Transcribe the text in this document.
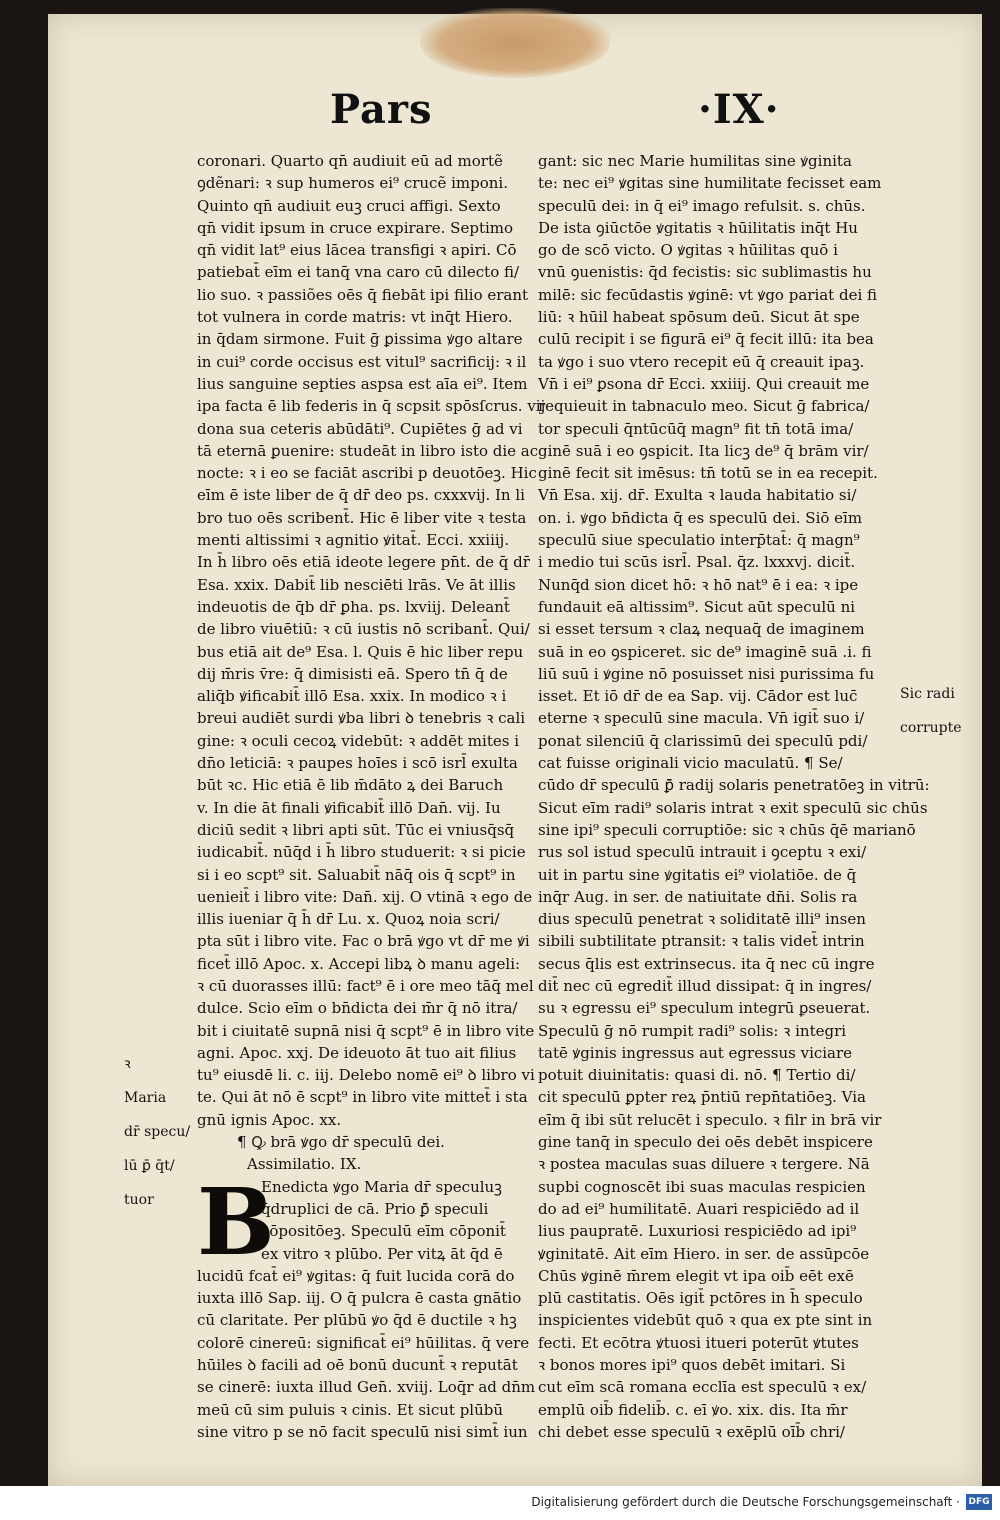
Pars	·IX·

coronari. Quarto qn̄ audiuit eū ad mortẽ

ꝯdẽnari: ꝛ sup humeros ei⁹ crucẽ imponi.

Quinto qn̄ audiuit euꝫ cruci affigi. Sexto

qn̄ vidit ipsum in cruce expirare. Septimo

qn̄ vidit lat⁹ eius lācea transfigi ꝛ apiri. Cō

patiebat̄ eīm ei tanq̄ vna caro cū dilecto fi/

lio suo. ꝛ passiões oēs q̄ fiebāt ipi filio erant

tot vulnera in corde matris: vt inq̄t Hiero.

in q̄dam sirmone. Fuit ḡ ꝑissima ꝟgo altare

in cui⁹ corde occisus est vitul⁹ sacrificij: ꝛ il

lius sanguine septies aspsa est aīa ei⁹. Item

ipa facta ē lib federis in q̄ scpsit spōsſcrus. vij

dona sua ceteris abūdāti⁹. Cupiētes ḡ ad vi

tā eternā ꝑuenire: studeāt in libro isto die ac

nocte: ꝛ i eo se faciāt ascribi p deuotōeꝫ. Hic

eīm ē iste liber de q̄ dr̄ deo ps. cxxxvij. In li

bro tuo oēs scribent̄. Hic ē liber vite ꝛ testa

menti altissimi ꝛ agnitio ꝟitat̄. Ecci. xxiiij.

In h̄ libro oēs etiā ideote legere pn̄t. de q̄ dr̄

Esa. xxix. Dabit̄ lib nesciēti lrās. Ve āt illis

indeuotis de q̄b dr̄ ꝑha. ps. lxviij. Deleant̄

de libro viuētiū: ꝛ cū iustis nō scribant̄. Qui/

bus etiā ait de⁹ Esa. l. Quis ē hic liber repu

dij m̄ris v̄re: q̄ dimisisti eā. Spero tn̄ q̄ de

aliq̄b ꝟificabit̄ illō Esa. xxix. In modico ꝛ i

breui audiēt surdi ꝟba libri ꝺ tenebris ꝛ cali

gine: ꝛ oculi cecoꝝ videbūt: ꝛ addēt mites i

dn̄o leticiā: ꝛ paupes hoīes i scō isrl̄ exulta

būt ꝛc. Hic etiā ē lib m̄dāto ꝝ dei Baruch

v. In die āt finali ꝟificabit̄ illō Dan̄. vij. Iu

diciū sedit ꝛ libri apti sūt. Tūc ei vniusq̄sq̄

iudicabit̄. nūq̄d i h̄ libro studuerit: ꝛ si picie

si i eo scpt⁹ sit. Saluabit̄ nāq̄ ois q̄ scpt⁹ in

uenieit̄ i libro vite: Dan̄. xij. O vtinā ꝛ ego de

illis iueniar q̄ h̄ dr̄ Lu. x. Quoꝝ noia scri/

pta sūt i libro vite. Fac o brā ꝟgo vt dr̄ me ꝟi

ficet̄ illō Apoc. x. Accepi libꝝ ꝺ manu ageli:

ꝛ cū duorasses illū: fact⁹ ē i ore meo tāq̄ mel

dulce. Scio eīm o bn̄dicta dei m̄r q̄ nō itra/

bit i ciuitatē supnā nisi q̄ scpt⁹ ē in libro vite

agni. Apoc. xxj. De ideuoto āt tuo ait filius

tu⁹ eiusdē li. c. iij. Delebo nomē ei⁹ ꝺ libro vi

te. Qui āt nō ē scpt⁹ in libro vite mittet̄ i sta

gnū ignis Apoc. xx.

¶ Ꝙ brā ꝟgo dr̄ speculū dei.

Assimilatio. IX.

B

Enedicta ꝟgo Maria dr̄ speculuꝫ

q̄druplici de cā. Prio ꝑ̄ speculi

cōpositōeꝫ. Speculū eīm cōponit̄

ex vitro ꝛ plūbo. Per vitꝝ āt q̄d ē

lucidū fcat̄ ei⁹ ꝟgitas: q̄ fuit lucida corā do

iuxta illō Sap. iij. O q̄ pulcra ē casta gnātio

cū claritate. Per plūbū ꝟo q̄d ē ductile ꝛ hꝫ

colorē cinereū: significat̄ ei⁹ hūilitas. q̄ vere

hūiles ꝺ facili ad oē bonū ducunt̄ ꝛ reputāt

se cinerē: iuxta illud Gen̄. xviij. Loq̄r ad dn̄m

meū cū sim puluis ꝛ cinis. Et sicut plūbū

sine vitro p se nō facit speculū nisi simt̄ iun

gant: sic nec Marie humilitas sine ꝟginita

te: nec ei⁹ ꝟgitas sine humilitate fecisset eam

speculū dei: in q̄ ei⁹ imago refulsit. s. chūs.

De ista ꝯiūctōe ꝟgitatis ꝛ hūilitatis inq̄t Hu

go de scō victo. O ꝟgitas ꝛ hūilitas quō i

vnū ꝯuenistis: q̄d fecistis: sic sublimastis hu

milē: sic fecūdastis ꝟginē: vt ꝟgo pariat dei fi

liū: ꝛ hūil habeat spōsum deū. Sicut āt spe

culū recipit i se figurā ei⁹ q̄ fecit illū: ita bea

ta ꝟgo i suo vtero recepit eū q̄ creauit ipaꝫ.

Vn̄ i ei⁹ ꝑsona dr̄ Ecci. xxiiij. Qui creauit me

requieuit in tabnaculo meo. Sicut ḡ fabrica/

tor speculi q̄ntūcūq̄ magn⁹ fit tn̄ totā ima/

ginē suā i eo ꝯspicit. Ita licꝫ de⁹ q̄ brām vir/

ginē fecit sit imēsus: tn̄ totū se in ea recepit.

Vn̄ Esa. xij. dr̄. Exulta ꝛ lauda habitatio si/

on. i. ꝟgo bn̄dicta q̄ es speculū dei. Siō eīm

speculū siue speculatio interp̄tat̄: q̄ magn⁹

i medio tui scūs isrl̄. Psal. q̄z. lxxxvj. dicit̄.

Nunq̄d sion dicet hō: ꝛ hō nat⁹ ē i ea: ꝛ ipe

fundauit eā altissim⁹. Sicut aūt speculū ni

si esset tersum ꝛ claꝝ nequaq̄ de imaginem

suā in eo ꝯspiceret. sic de⁹ imaginē suā .i. fi

liū suū i ꝟgine nō posuisset nisi purissima fu

isset. Et iō dr̄ de ea Sap. vij. Cādor est luc̄

eterne ꝛ speculū sine macula. Vn̄ igit̄ suo i/

ponat silenciū q̄ clarissimū dei speculū pdi/

cat fuisse originali vicio maculatū. ¶ Se/

cūdo dr̄ speculū ꝑ̄ radij solaris penetratōeꝫ in vitrū:

Sicut eīm radi⁹ solaris intrat ꝛ exit speculū sic chūs

sine ipi⁹ speculi corruptiōe: sic ꝛ chūs q̄ē marianō

rus sol istud speculū intrauit i ꝯceptu ꝛ exi/

uit in partu sine ꝟgitatis ei⁹ violatiōe. de q̄

inq̄r Aug. in ser. de natiuitate dn̄i. Solis ra

dius speculū penetrat ꝛ soliditatē illi⁹ insen

sibili subtilitate ptransit: ꝛ talis videt̄ intrin

secus q̄lis est extrinsecus. ita q̄ nec cū ingre

dit̄ nec cū egredit̄ illud dissipat: q̄ in ingres/

su ꝛ egressu ei⁹ speculum integrū ꝑseuerat.

Speculū ḡ nō rumpit radi⁹ solis: ꝛ integri

tatē ꝟginis ingressus aut egressus viciare

potuit diuinitatis: quasi di. nō. ¶ Tertio di/

cit speculū ꝑpter reꝝ p̄ntiū repn̄tatiōeꝫ. Via

eīm q̄ ibi sūt relucēt i speculo. ꝛ filr in brā vir

gine tanq̄ in speculo dei oēs debēt inspicere

ꝛ postea maculas suas diluere ꝛ tergere. Nā

supbi cognoscēt ibi suas maculas respicien

do ad ei⁹ humilitatē. Auari respiciēdo ad il

lius paupratē. Luxuriosi respiciēdo ad ipi⁹

ꝟginitatē. Ait eīm Hiero. in ser. de assūpcōe

Chūs ꝟginē m̄rem elegit vt ipa oib̄ eēt exē

plū castitatis. Oēs igit̄ pctōres in h̄ speculo

inspicientes videbūt quō ꝛ qua ex pte sint in

fecti. Et ecōtra ꝟtuosi itueri poterūt ꝟtutes

ꝛ bonos mores ipi⁹ quos debēt imitari. Si

cut eīm scā romana ecclīa est speculū ꝛ ex/

emplū oib̄ fidelib̄. c. eī ꝟo. xix. dis. Ita m̄r

chi debet esse speculū ꝛ exēplū oīb̄ chri/

ꝛ

Maria

dr̄ specu/

lū ꝑ̄ q̄t/

tuor

Sic radi

corrupte

Digitalisierung gefördert durch die Deutsche Forschungsgemeinschaft · DFG
